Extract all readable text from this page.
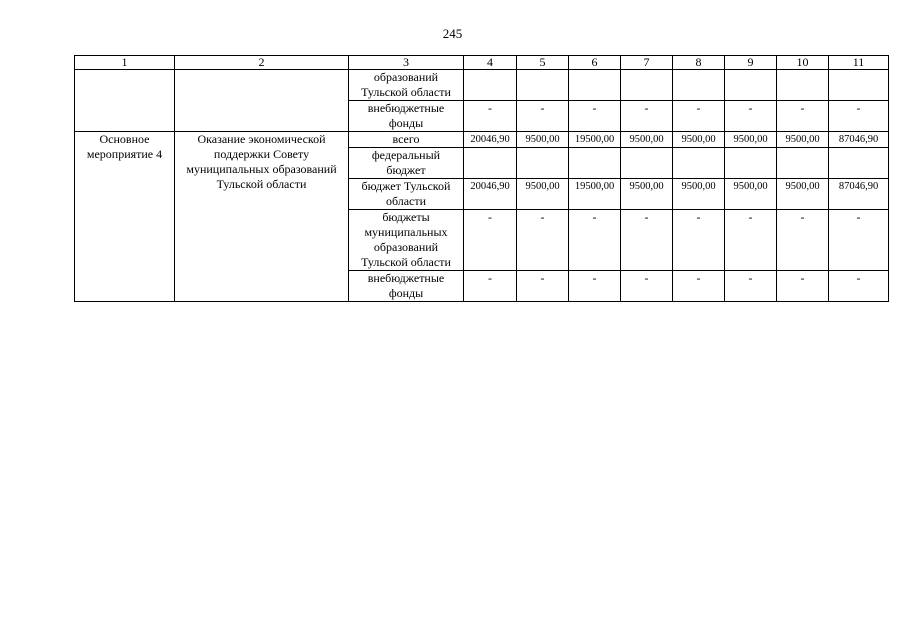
245
1	2	3	4	5	6	7	8	9	10	11
		образований Тульской области								
		внебюджетные фонды	-	-	-	-	-	-	-	-
Основное мероприятие 4	Оказание экономической поддержки Совету муниципальных образований Тульской области	всего	20046,90	9500,00	19500,00	9500,00	9500,00	9500,00	9500,00	87046,90
		федеральный бюджет								
		бюджет Тульской области	20046,90	9500,00	19500,00	9500,00	9500,00	9500,00	9500,00	87046,90
		бюджеты муниципальных образований Тульской области	-	-	-	-	-	-	-	-
		внебюджетные фонды	-	-	-	-	-	-	-	-
